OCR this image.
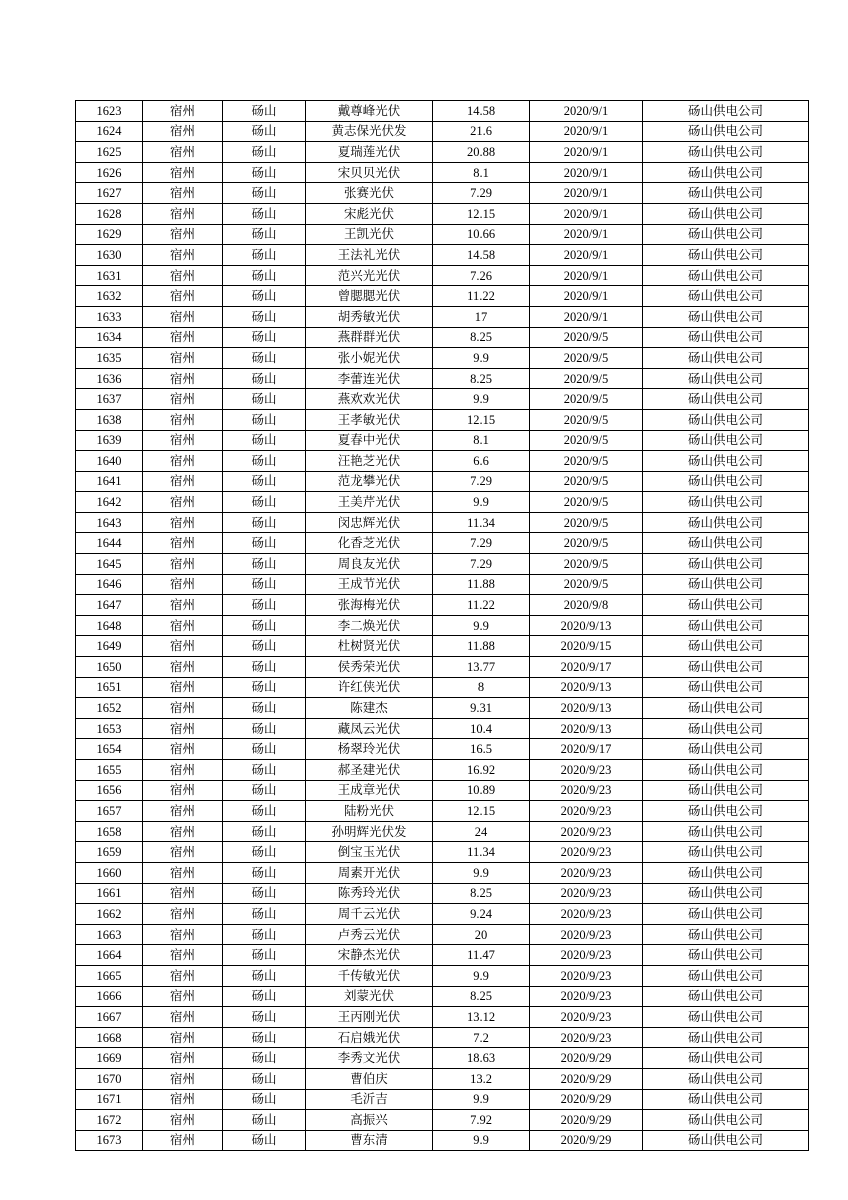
1623	宿州	砀山	戴尊峰光伏	14.58	2020/9/1	砀山供电公司
1624	宿州	砀山	黄志保光伏发	21.6	2020/9/1	砀山供电公司
1625	宿州	砀山	夏瑞莲光伏	20.88	2020/9/1	砀山供电公司
1626	宿州	砀山	宋贝贝光伏	8.1	2020/9/1	砀山供电公司
1627	宿州	砀山	张赛光伏	7.29	2020/9/1	砀山供电公司
1628	宿州	砀山	宋彪光伏	12.15	2020/9/1	砀山供电公司
1629	宿州	砀山	王凯光伏	10.66	2020/9/1	砀山供电公司
1630	宿州	砀山	王法礼光伏	14.58	2020/9/1	砀山供电公司
1631	宿州	砀山	范兴光光伏	7.26	2020/9/1	砀山供电公司
1632	宿州	砀山	曾腮腮光伏	11.22	2020/9/1	砀山供电公司
1633	宿州	砀山	胡秀敏光伏	17	2020/9/1	砀山供电公司
1634	宿州	砀山	燕群群光伏	8.25	2020/9/5	砀山供电公司
1635	宿州	砀山	张小妮光伏	9.9	2020/9/5	砀山供电公司
1636	宿州	砀山	李蕾连光伏	8.25	2020/9/5	砀山供电公司
1637	宿州	砀山	燕欢欢光伏	9.9	2020/9/5	砀山供电公司
1638	宿州	砀山	王孝敏光伏	12.15	2020/9/5	砀山供电公司
1639	宿州	砀山	夏春中光伏	8.1	2020/9/5	砀山供电公司
1640	宿州	砀山	汪艳芝光伏	6.6	2020/9/5	砀山供电公司
1641	宿州	砀山	范龙攀光伏	7.29	2020/9/5	砀山供电公司
1642	宿州	砀山	王美芹光伏	9.9	2020/9/5	砀山供电公司
1643	宿州	砀山	闵忠辉光伏	11.34	2020/9/5	砀山供电公司
1644	宿州	砀山	化香芝光伏	7.29	2020/9/5	砀山供电公司
1645	宿州	砀山	周良友光伏	7.29	2020/9/5	砀山供电公司
1646	宿州	砀山	王成节光伏	11.88	2020/9/5	砀山供电公司
1647	宿州	砀山	张海梅光伏	11.22	2020/9/8	砀山供电公司
1648	宿州	砀山	李二焕光伏	9.9	2020/9/13	砀山供电公司
1649	宿州	砀山	杜树贤光伏	11.88	2020/9/15	砀山供电公司
1650	宿州	砀山	侯秀荣光伏	13.77	2020/9/17	砀山供电公司
1651	宿州	砀山	许红侠光伏	8	2020/9/13	砀山供电公司
1652	宿州	砀山	陈建杰	9.31	2020/9/13	砀山供电公司
1653	宿州	砀山	藏凤云光伏	10.4	2020/9/13	砀山供电公司
1654	宿州	砀山	杨翠玲光伏	16.5	2020/9/17	砀山供电公司
1655	宿州	砀山	郝圣建光伏	16.92	2020/9/23	砀山供电公司
1656	宿州	砀山	王成章光伏	10.89	2020/9/23	砀山供电公司
1657	宿州	砀山	陆粉光伏	12.15	2020/9/23	砀山供电公司
1658	宿州	砀山	孙明辉光伏发	24	2020/9/23	砀山供电公司
1659	宿州	砀山	倒宝玉光伏	11.34	2020/9/23	砀山供电公司
1660	宿州	砀山	周素开光伏	9.9	2020/9/23	砀山供电公司
1661	宿州	砀山	陈秀玲光伏	8.25	2020/9/23	砀山供电公司
1662	宿州	砀山	周千云光伏	9.24	2020/9/23	砀山供电公司
1663	宿州	砀山	卢秀云光伏	20	2020/9/23	砀山供电公司
1664	宿州	砀山	宋静杰光伏	11.47	2020/9/23	砀山供电公司
1665	宿州	砀山	千传敏光伏	9.9	2020/9/23	砀山供电公司
1666	宿州	砀山	刘蒙光伏	8.25	2020/9/23	砀山供电公司
1667	宿州	砀山	王丙刚光伏	13.12	2020/9/23	砀山供电公司
1668	宿州	砀山	石启娥光伏	7.2	2020/9/23	砀山供电公司
1669	宿州	砀山	李秀文光伏	18.63	2020/9/29	砀山供电公司
1670	宿州	砀山	曹伯庆	13.2	2020/9/29	砀山供电公司
1671	宿州	砀山	毛沂吉	9.9	2020/9/29	砀山供电公司
1672	宿州	砀山	高振兴	7.92	2020/9/29	砀山供电公司
1673	宿州	砀山	曹东清	9.9	2020/9/29	砀山供电公司
